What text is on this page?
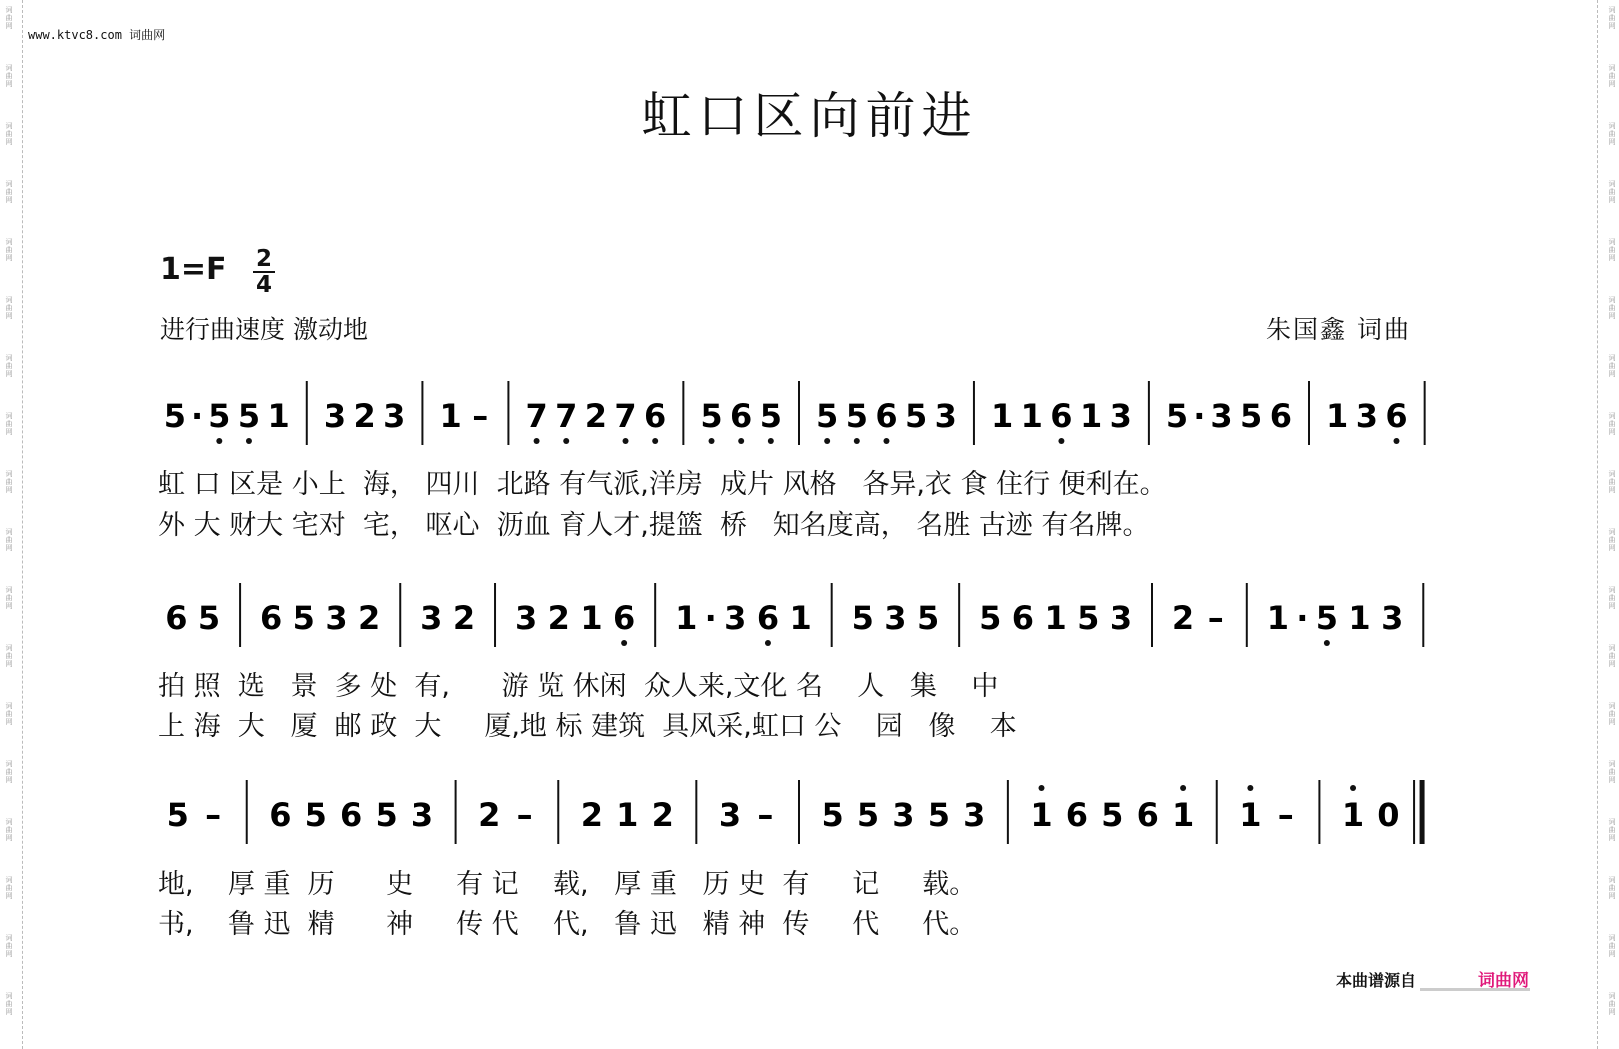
词
曲
网
词
曲
网
词
曲
网
词
曲
网
词
曲
网
词
曲
网
词
曲
网
词
曲
网
词
曲
网
词
曲
网
词
曲
网
词
曲
网
词
曲
网
词
曲
网
词
曲
网
词
曲
网
词
曲
网
词
曲
网
词
曲
网
词
曲
网
词
曲
网
词
曲
网
词
曲
网
词
曲
网
词
曲
网
词
曲
网
词
曲
网
词
曲
网
词
曲
网
词
曲
网
词
曲
网
词
曲
网
词
曲
网
词
曲
网
词
曲
网
词
曲
网
www.ktvc8.com 词曲网
虹口区向前进
1=F 2
4
进行曲速度 激动地	朱国鑫 词曲
5 · 5 5 1 3 2 3 1 – 7 7 2 7 6 5 6 5 5 5 6 5 3 1 1 6 1 3 5 · 3 5 6 1 3 6
6 5 6 5 3 2 3 2 3 2 1 6 1 · 3 6 1 5 3 5 5 6 1 5 3 2 – 1 · 5 1 3
5 – 6 5 6 5 3 2 – 2 1 2 3 – 5 5 3 5 3 1 6 5 6 1 1 – 1 0
虹 口 区是 小上  海， 四川  北路 有气派,洋房  成片 风格   各异,衣 食 住行 便利在。
外 大 财大 宅对  宅， 呕心  沥血 育人才,提篮  桥   知名度高， 名胜 古迹 有名牌。
拍 照  选   景  多 处  有,      游 览 休闲  众人来,文化 名    人   集    中
上 海  大   厦  邮 政  大     厦,地 标 建筑  具风采,虹口 公    园   像    本
地,    厚 重  历      史     有 记    载,   厚 重   历 史  有     记     载。
书,    鲁 迅  精      神     传 代    代,   鲁 迅   精 神  传     代     代。
本曲谱源自	词曲网
